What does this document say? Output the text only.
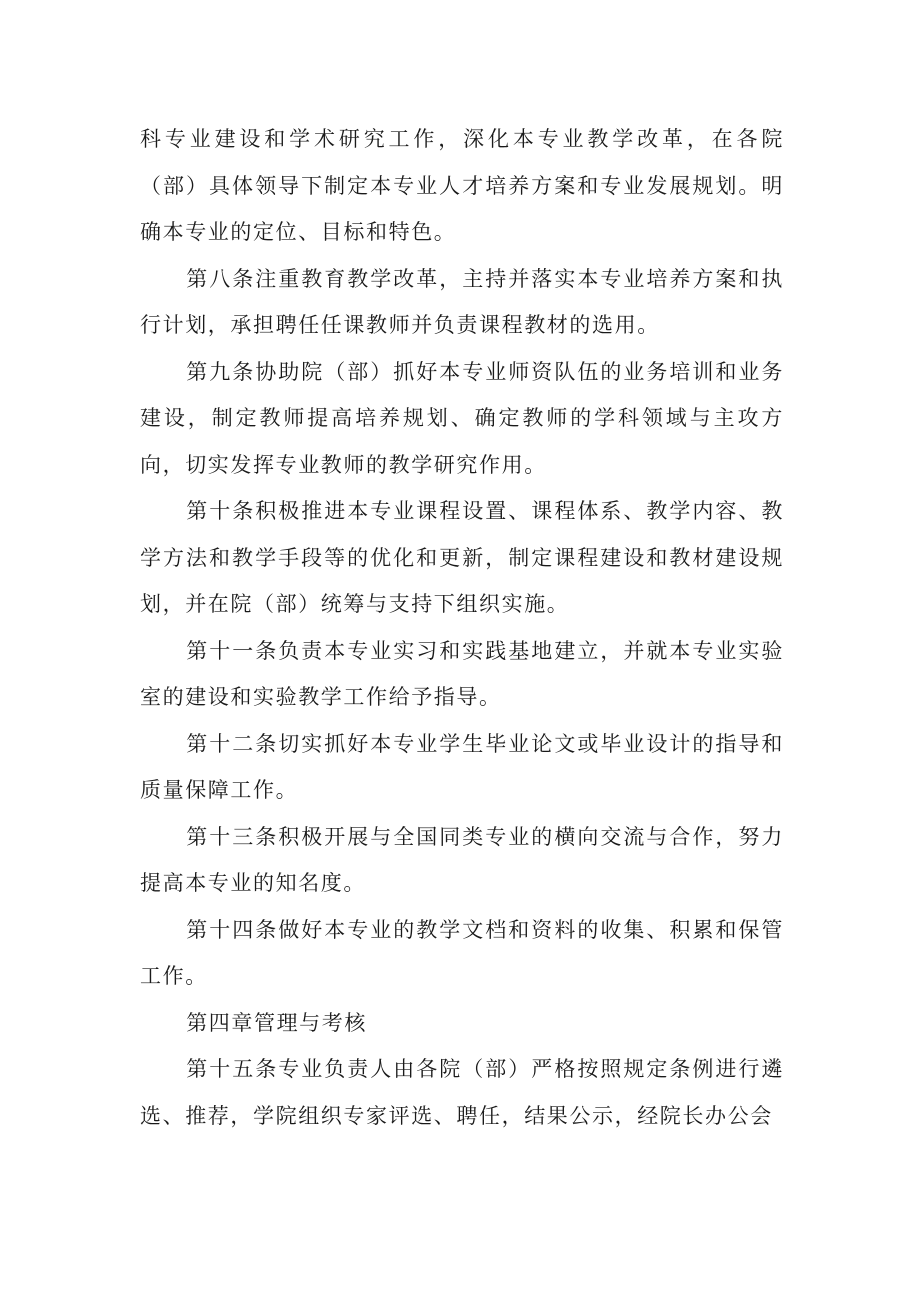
科专业建设和学术研究工作，深化本专业教学改革，在各院（部）具体领导下制定本专业人才培养方案和专业发展规划。明确本专业的定位、目标和特色。

第八条注重教育教学改革，主持并落实本专业培养方案和执行计划，承担聘任任课教师并负责课程教材的选用。

第九条协助院（部）抓好本专业师资队伍的业务培训和业务建设，制定教师提高培养规划、确定教师的学科领域与主攻方向，切实发挥专业教师的教学研究作用。

第十条积极推进本专业课程设置、课程体系、教学内容、教学方法和教学手段等的优化和更新，制定课程建设和教材建设规划，并在院（部）统筹与支持下组织实施。

第十一条负责本专业实习和实践基地建立，并就本专业实验室的建设和实验教学工作给予指导。

第十二条切实抓好本专业学生毕业论文或毕业设计的指导和质量保障工作。

第十三条积极开展与全国同类专业的横向交流与合作，努力提高本专业的知名度。

第十四条做好本专业的教学文档和资料的收集、积累和保管工作。

第四章管理与考核

第十五条专业负责人由各院（部）严格按照规定条例进行遴选、推荐，学院组织专家评选、聘任，结果公示，经院长办公会
